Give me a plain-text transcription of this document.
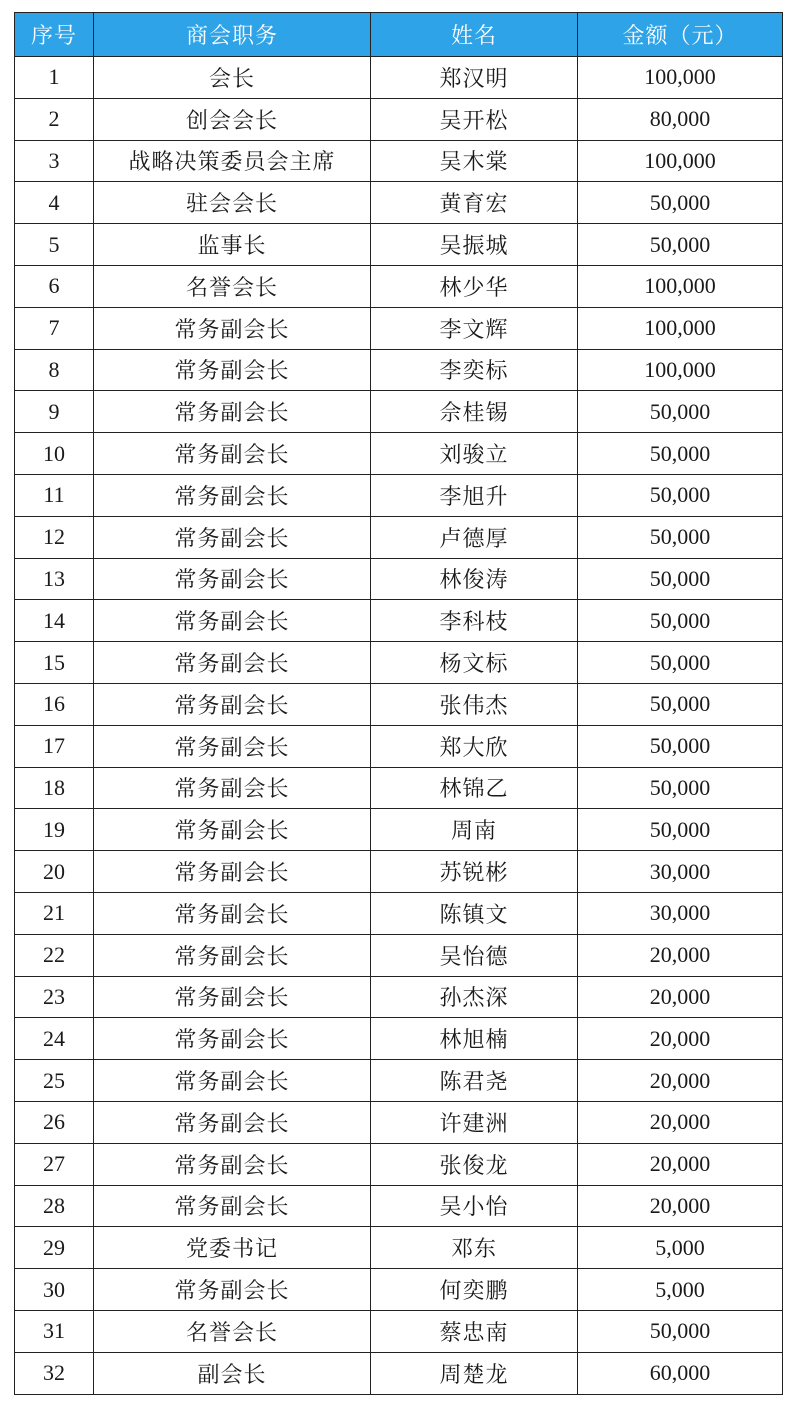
序号	商会职务	姓名	金额（元）
1	会长	郑汉明	100,000
2	创会会长	吴开松	80,000
3	战略决策委员会主席	吴木棠	100,000
4	驻会会长	黄育宏	50,000
5	监事长	吴振城	50,000
6	名誉会长	林少华	100,000
7	常务副会长	李文辉	100,000
8	常务副会长	李奕标	100,000
9	常务副会长	佘桂锡	50,000
10	常务副会长	刘骏立	50,000
11	常务副会长	李旭升	50,000
12	常务副会长	卢德厚	50,000
13	常务副会长	林俊涛	50,000
14	常务副会长	李科枝	50,000
15	常务副会长	杨文标	50,000
16	常务副会长	张伟杰	50,000
17	常务副会长	郑大欣	50,000
18	常务副会长	林锦乙	50,000
19	常务副会长	周南	50,000
20	常务副会长	苏锐彬	30,000
21	常务副会长	陈镇文	30,000
22	常务副会长	吴怡德	20,000
23	常务副会长	孙杰深	20,000
24	常务副会长	林旭楠	20,000
25	常务副会长	陈君尧	20,000
26	常务副会长	许建洲	20,000
27	常务副会长	张俊龙	20,000
28	常务副会长	吴小怡	20,000
29	党委书记	邓东	5,000
30	常务副会长	何奕鹏	5,000
31	名誉会长	蔡忠南	50,000
32	副会长	周楚龙	60,000
